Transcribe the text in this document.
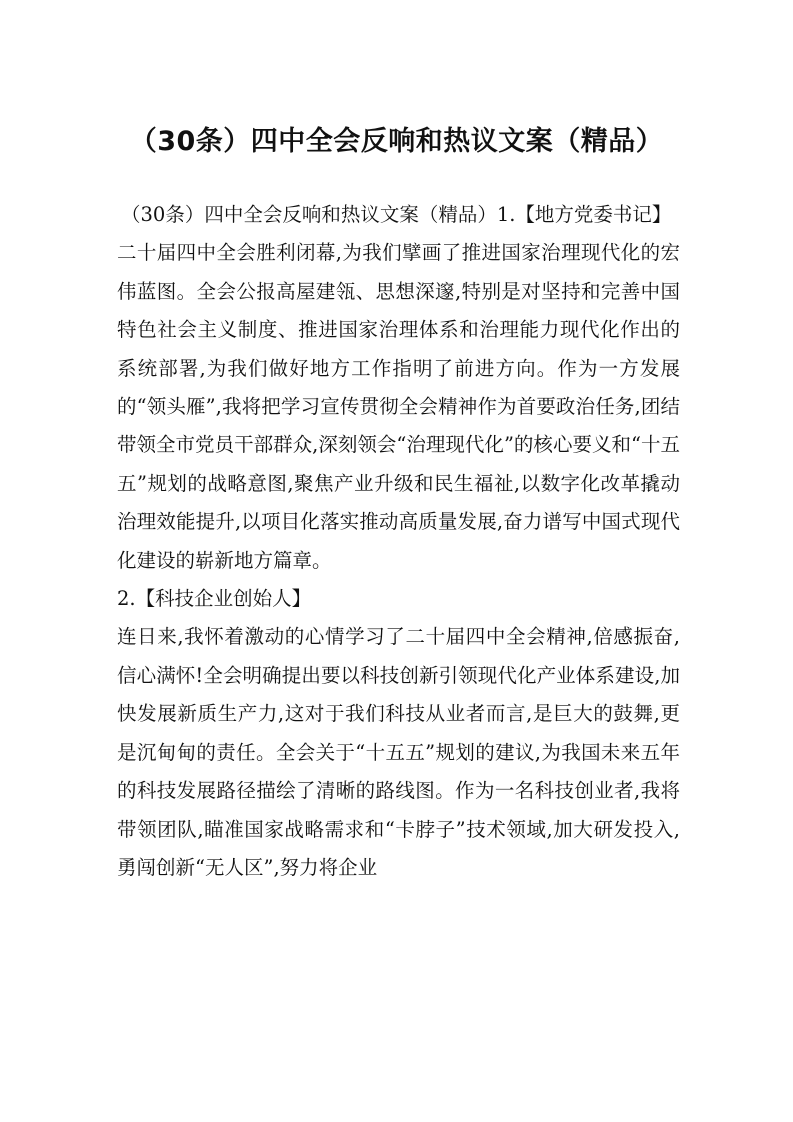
（30条）四中全会反响和热议文案（精品）

（30条）四中全会反响和热议文案（精品）1.【地方党委书记】

二十届四中全会胜利闭幕,为我们擘画了推进国家治理现代化的宏伟蓝图。全会公报高屋建瓴、思想深邃,特别是对坚持和完善中国特色社会主义制度、推进国家治理体系和治理能力现代化作出的系统部署,为我们做好地方工作指明了前进方向。作为一方发展的“领头雁”,我将把学习宣传贯彻全会精神作为首要政治任务,团结带领全市党员干部群众,深刻领会“治理现代化”的核心要义和“十五五”规划的战略意图,聚焦产业升级和民生福祉,以数字化改革撬动治理效能提升,以项目化落实推动高质量发展,奋力谱写中国式现代化建设的崭新地方篇章。

2.【科技企业创始人】

连日来,我怀着激动的心情学习了二十届四中全会精神,倍感振奋,信心满怀!全会明确提出要以科技创新引领现代化产业体系建设,加快发展新质生产力,这对于我们科技从业者而言,是巨大的鼓舞,更是沉甸甸的责任。全会关于“十五五”规划的建议,为我国未来五年的科技发展路径描绘了清晰的路线图。作为一名科技创业者,我将带领团队,瞄准国家战略需求和“卡脖子”技术领域,加大研发投入,勇闯创新“无人区”,努力将企业
